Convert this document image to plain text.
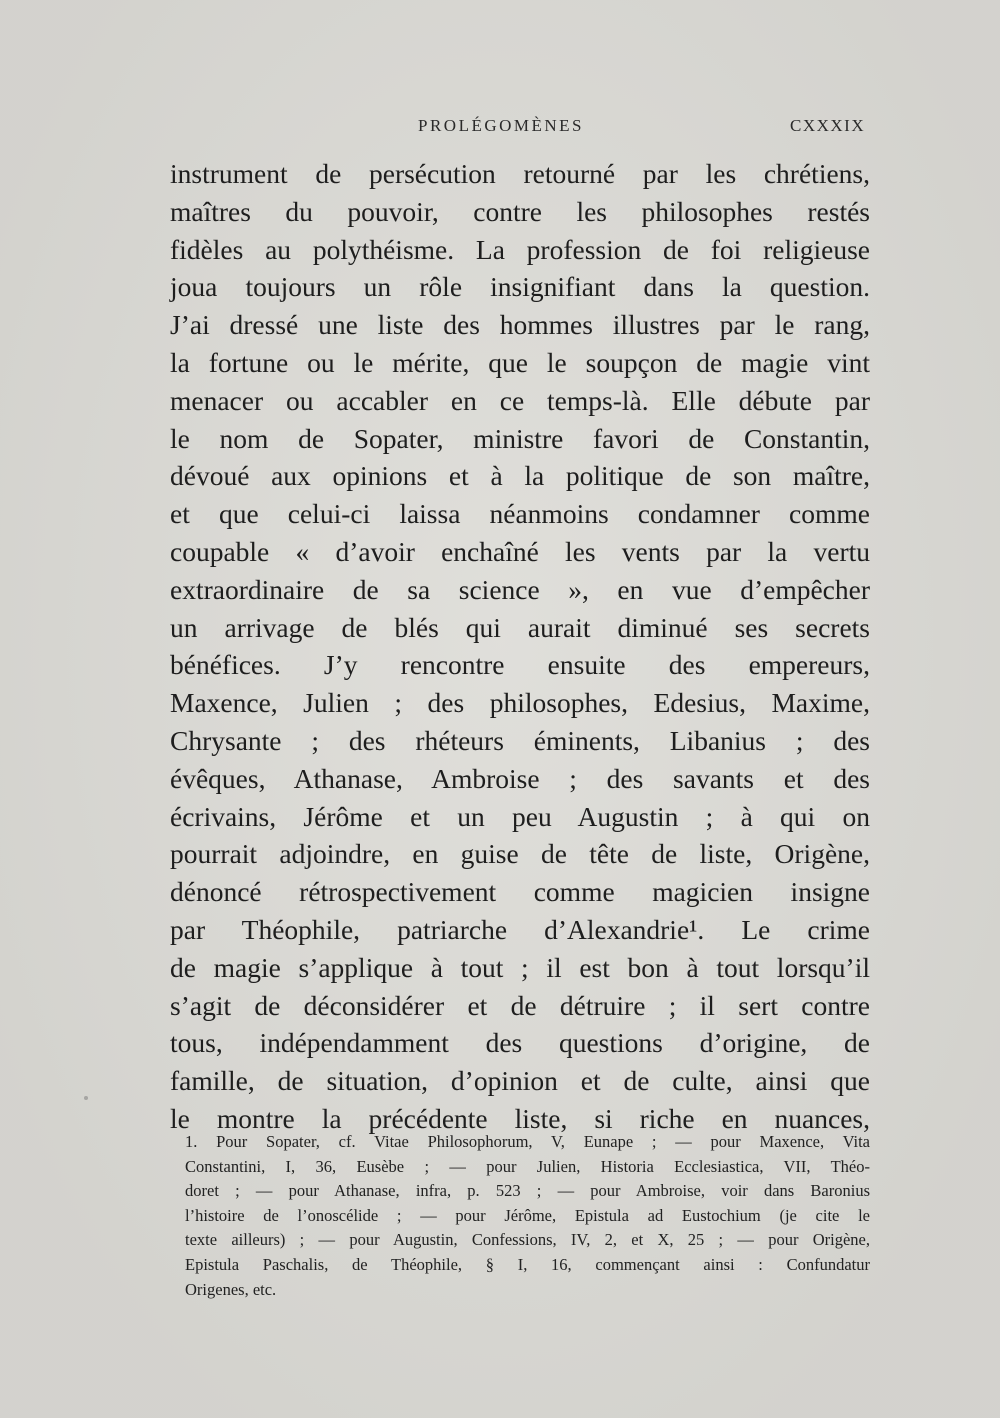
PROLÉGOMÈNES	CXXXIX
instrument de persécution retourné par les chrétiens,
maîtres du pouvoir, contre les philosophes restés
fidèles au polythéisme. La profession de foi religieuse
joua toujours un rôle insignifiant dans la question.
J’ai dressé une liste des hommes illustres par le rang,
la fortune ou le mérite, que le soupçon de magie vint
menacer ou accabler en ce temps-là. Elle débute par
le nom de Sopater, ministre favori de Constantin,
dévoué aux opinions et à la politique de son maître,
et que celui-ci laissa néanmoins condamner comme
coupable « d’avoir enchaîné les vents par la vertu
extraordinaire de sa science », en vue d’empêcher
un arrivage de blés qui aurait diminué ses secrets
bénéfices. J’y rencontre ensuite des empereurs,
Maxence, Julien ; des philosophes, Edesius, Maxime,
Chrysante ; des rhéteurs éminents, Libanius ; des
évêques, Athanase, Ambroise ; des savants et des
écrivains, Jérôme et un peu Augustin ; à qui on
pourrait adjoindre, en guise de tête de liste, Origène,
dénoncé rétrospectivement comme magicien insigne
par Théophile, patriarche d’Alexandrie¹. Le crime
de magie s’applique à tout ; il est bon à tout lorsqu’il
s’agit de déconsidérer et de détruire ; il sert contre
tous, indépendamment des questions d’origine, de
famille, de situation, d’opinion et de culte, ainsi que
le montre la précédente liste, si riche en nuances,
1. Pour Sopater, cf. Vitae Philosophorum, V, Eunape ; — pour Maxence, Vita
Constantini, I, 36, Eusèbe ; — pour Julien, Historia Ecclesiastica, VII, Théo-
doret ; — pour Athanase, infra, p. 523 ; — pour Ambroise, voir dans Baronius
l’histoire de l’onoscélide ; — pour Jérôme, Epistula ad Eustochium (je cite le
texte ailleurs) ; — pour Augustin, Confessions, IV, 2, et X, 25 ; — pour Origène,
Epistula Paschalis, de Théophile, § I, 16, commençant ainsi : Confundatur
Origenes, etc.
